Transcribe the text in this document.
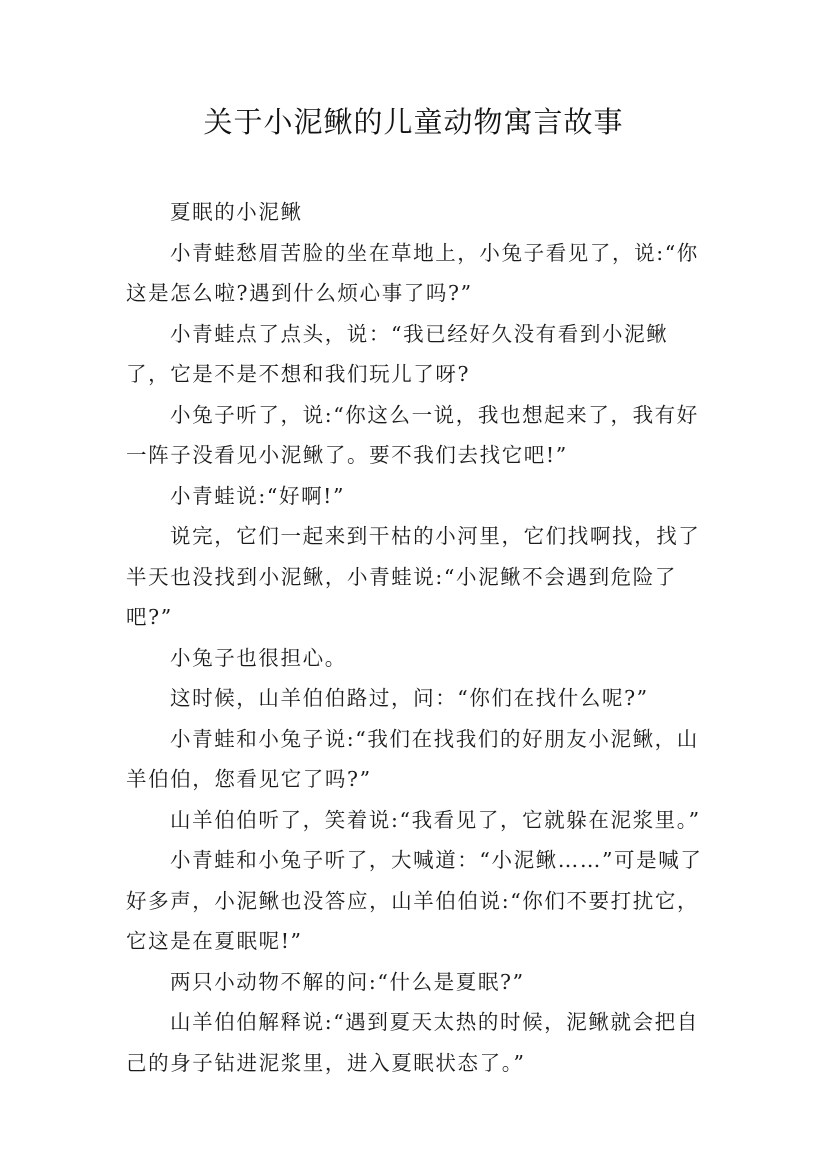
关于小泥鳅的儿童动物寓言故事

夏眠的小泥鳅

小青蛙愁眉苦脸的坐在草地上，小兔子看见了，说:“你这是怎么啦?遇到什么烦心事了吗?”

小青蛙点了点头，说：“我已经好久没有看到小泥鳅了，它是不是不想和我们玩儿了呀?

小兔子听了，说:“你这么一说，我也想起来了，我有好一阵子没看见小泥鳅了。要不我们去找它吧!”

小青蛙说:“好啊!”

说完，它们一起来到干枯的小河里，它们找啊找，找了半天也没找到小泥鳅，小青蛙说:“小泥鳅不会遇到危险了吧?”

小兔子也很担心。

这时候，山羊伯伯路过，问：“你们在找什么呢?”

小青蛙和小兔子说:“我们在找我们的好朋友小泥鳅，山羊伯伯，您看见它了吗?”

山羊伯伯听了，笑着说:“我看见了，它就躲在泥浆里。”

小青蛙和小兔子听了，大喊道：“小泥鳅……”可是喊了好多声，小泥鳅也没答应，山羊伯伯说:“你们不要打扰它，它这是在夏眠呢!”

两只小动物不解的问:“什么是夏眠?”

山羊伯伯解释说:“遇到夏天太热的时候，泥鳅就会把自己的身子钻进泥浆里，进入夏眠状态了。”
